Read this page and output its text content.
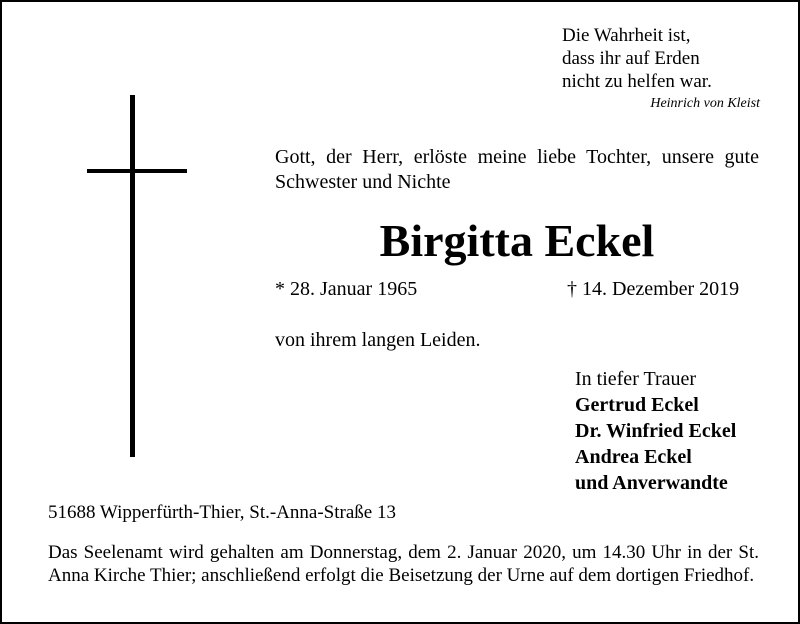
Die Wahrheit ist,
dass ihr auf Erden
nicht zu helfen war.
Heinrich von Kleist
Gott, der Herr, erlöste meine liebe Tochter, unsere gute Schwester und Nichte
Birgitta Eckel
* 28. Januar 1965	† 14. Dezember 2019
von ihrem langen Leiden.
In tiefer Trauer
Gertrud Eckel
Dr. Winfried Eckel
Andrea Eckel
und Anverwandte
51688 Wipperfürth-Thier, St.-Anna-Straße 13
Das Seelenamt wird gehalten am Donnerstag, dem 2. Januar 2020, um 14.30 Uhr in der St. Anna Kirche Thier; anschließend erfolgt die Beisetzung der Urne auf dem dortigen Friedhof.
